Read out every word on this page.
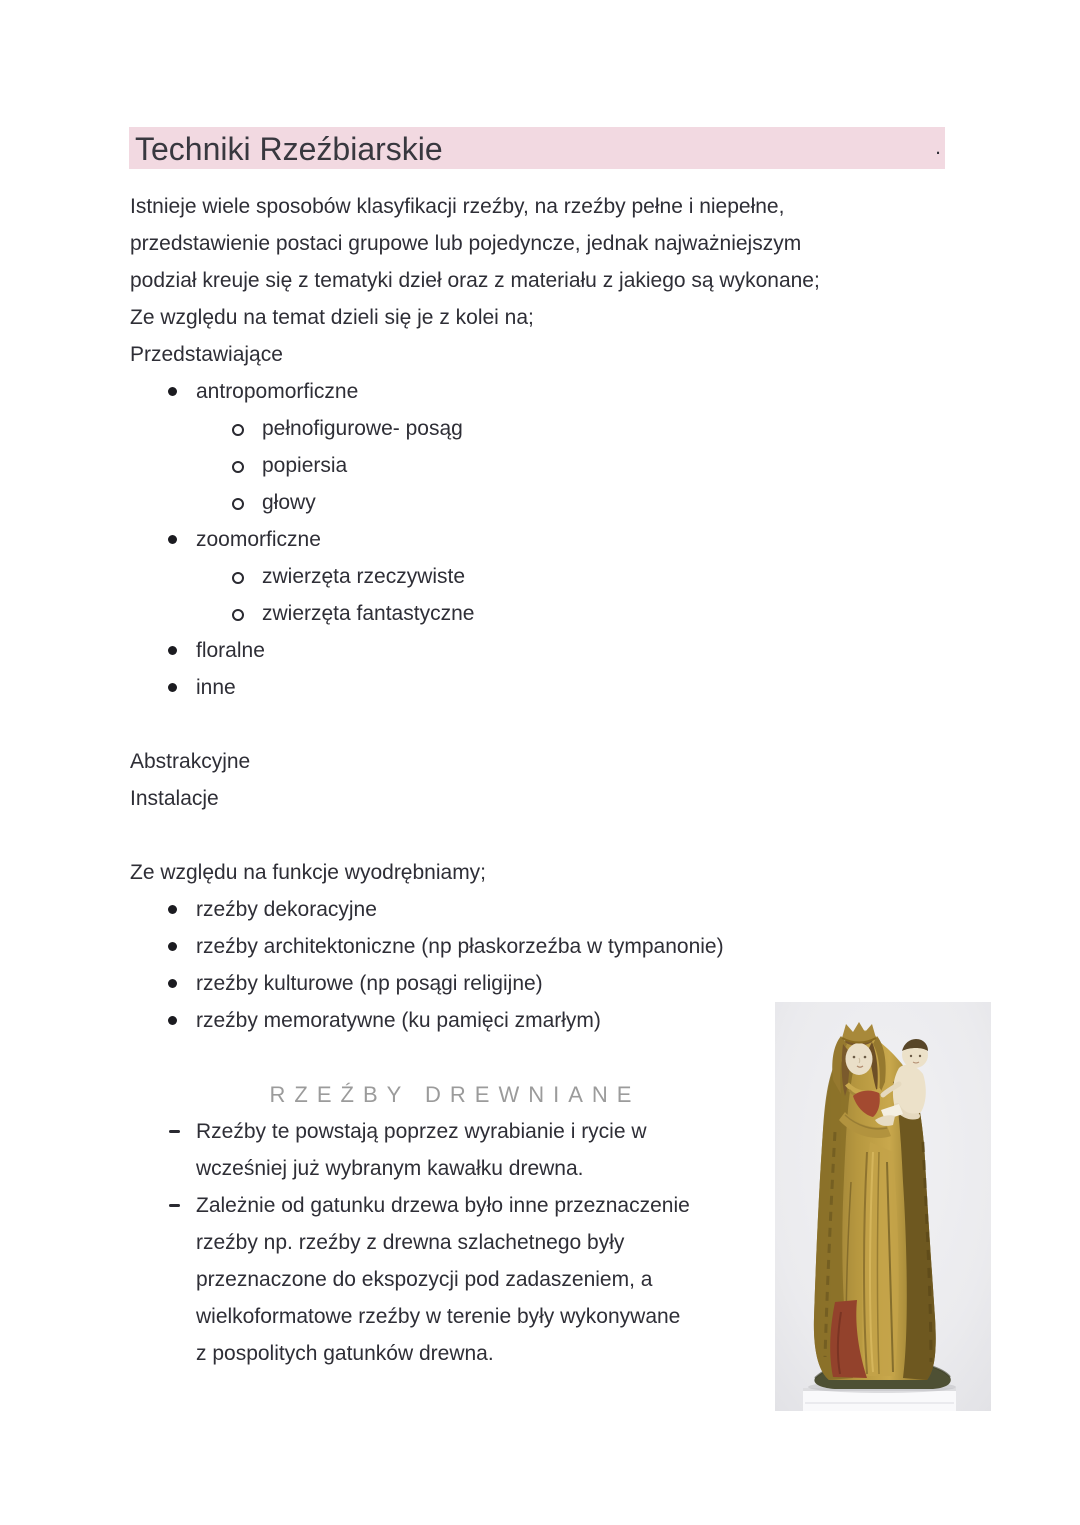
Techniki Rzeźbiarskie	.
Istnieje wiele sposobów klasyfikacji rzeźby, na rzeźby pełne i niepełne,
przedstawienie postaci grupowe lub pojedyncze, jednak najważniejszym
podział kreuje się z tematyki dzieł oraz z materiału z jakiego są wykonane;
Ze względu na temat dzieli się je z kolei na;
Przedstawiające
antropomorficzne
pełnofigurowe- posąg
popiersia
głowy
zoomorficzne
zwierzęta rzeczywiste
zwierzęta fantastyczne
floralne
inne
Abstrakcyjne
Instalacje
Ze względu na funkcje wyodrębniamy;
rzeźby dekoracyjne
rzeźby architektoniczne (np płaskorzeźba w tympanonie)
rzeźby kulturowe (np posągi religijne)
rzeźby memoratywne (ku pamięci zmarłym)
RZEŹBY DREWNIANE
Rzeźby te powstają poprzez wyrabianie i rycie w
wcześniej już wybranym kawałku drewna.
Zależnie od gatunku drzewa było inne przeznaczenie
rzeźby np. rzeźby z drewna szlachetnego były
przeznaczone do ekspozycji pod zadaszeniem, a
wielkoformatowe rzeźby w terenie były wykonywane
z pospolitych gatunków drewna.
